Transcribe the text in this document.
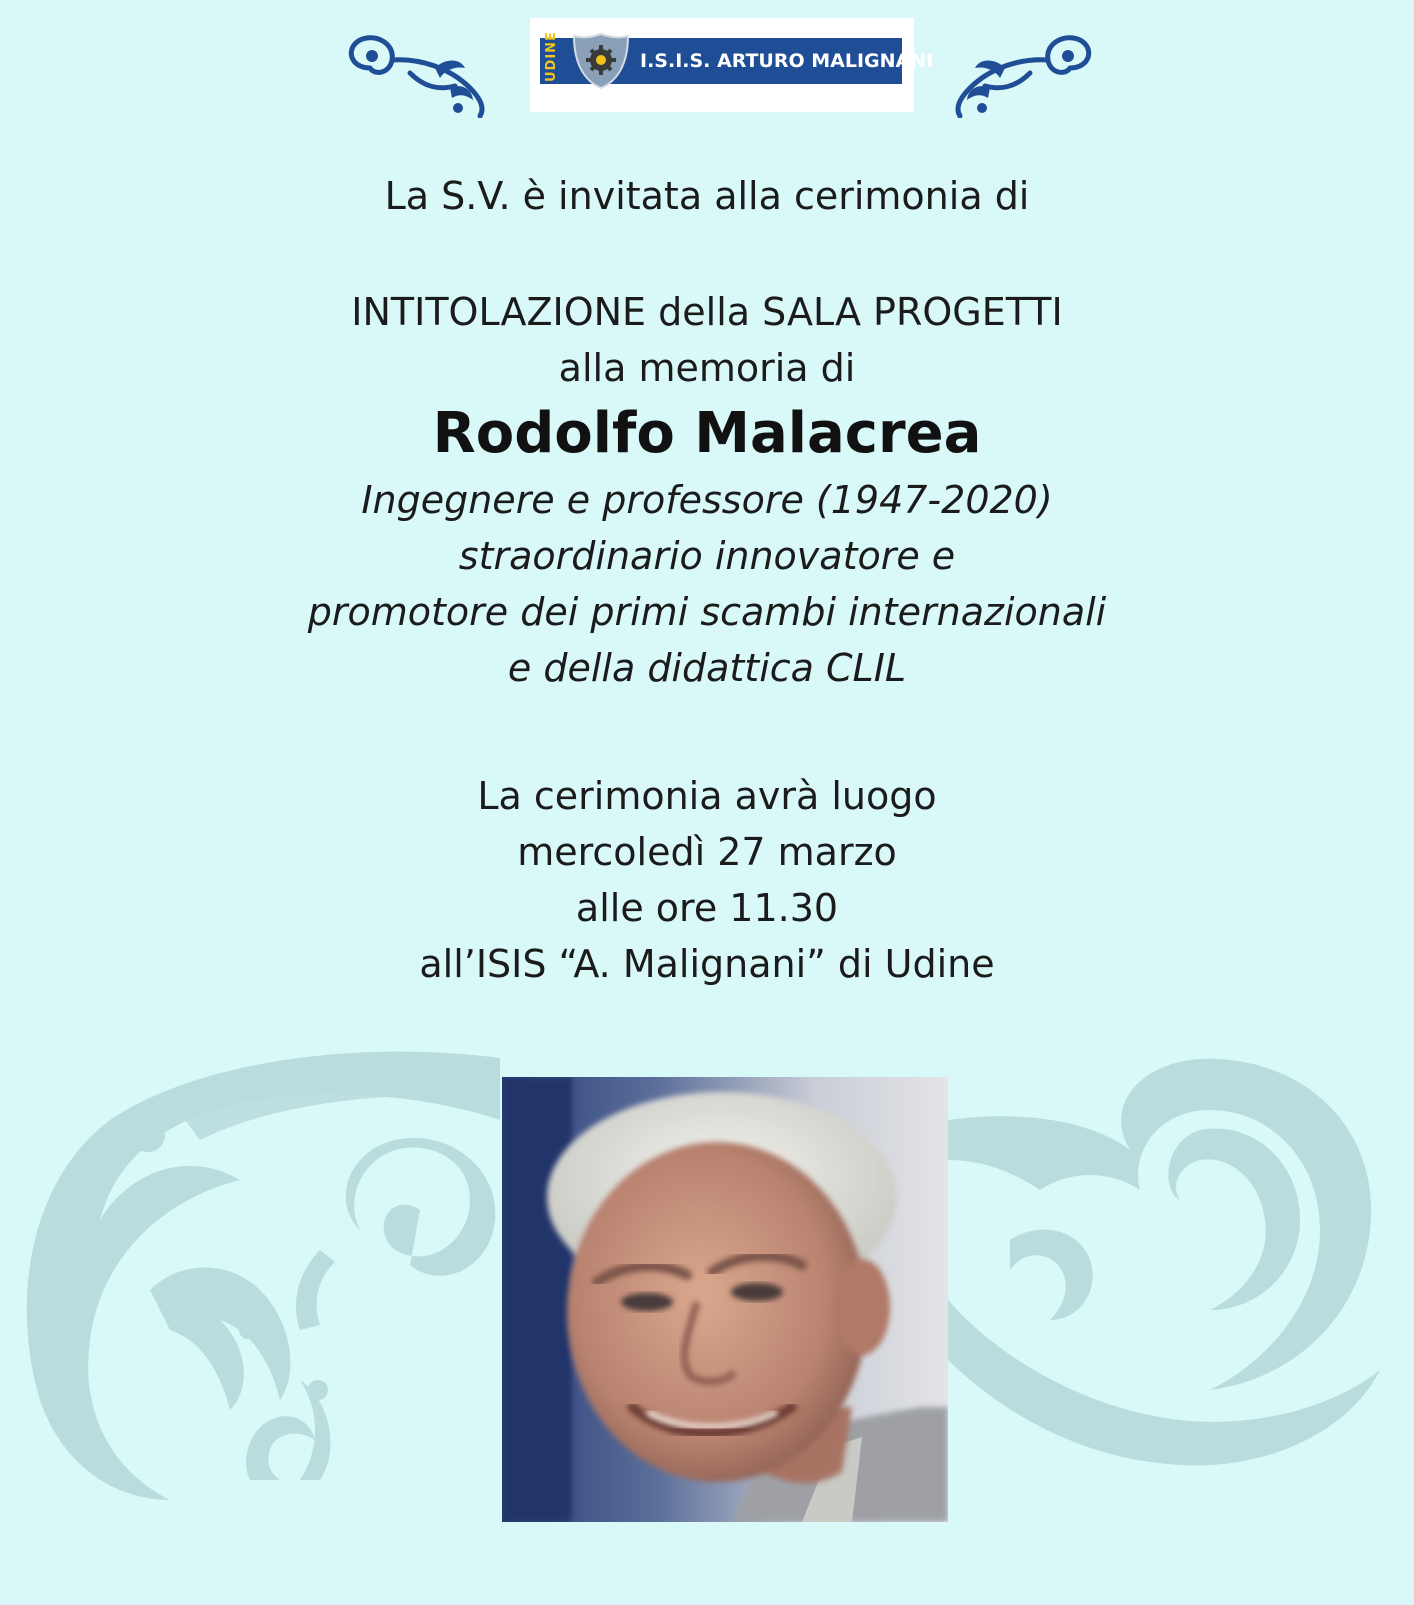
UDINE	I.S.I.S. ARTURO MALIGNANI
La S.V. è invitata alla cerimonia di
INTITOLAZIONE della SALA PROGETTI
alla memoria di
Rodolfo Malacrea
Ingegnere e professore (1947-2020)
straordinario innovatore e
promotore dei primi scambi internazionali
e della didattica CLIL
La cerimonia avrà luogo
mercoledì 27 marzo
alle ore 11.30
all’ISIS “A. Malignani” di Udine
